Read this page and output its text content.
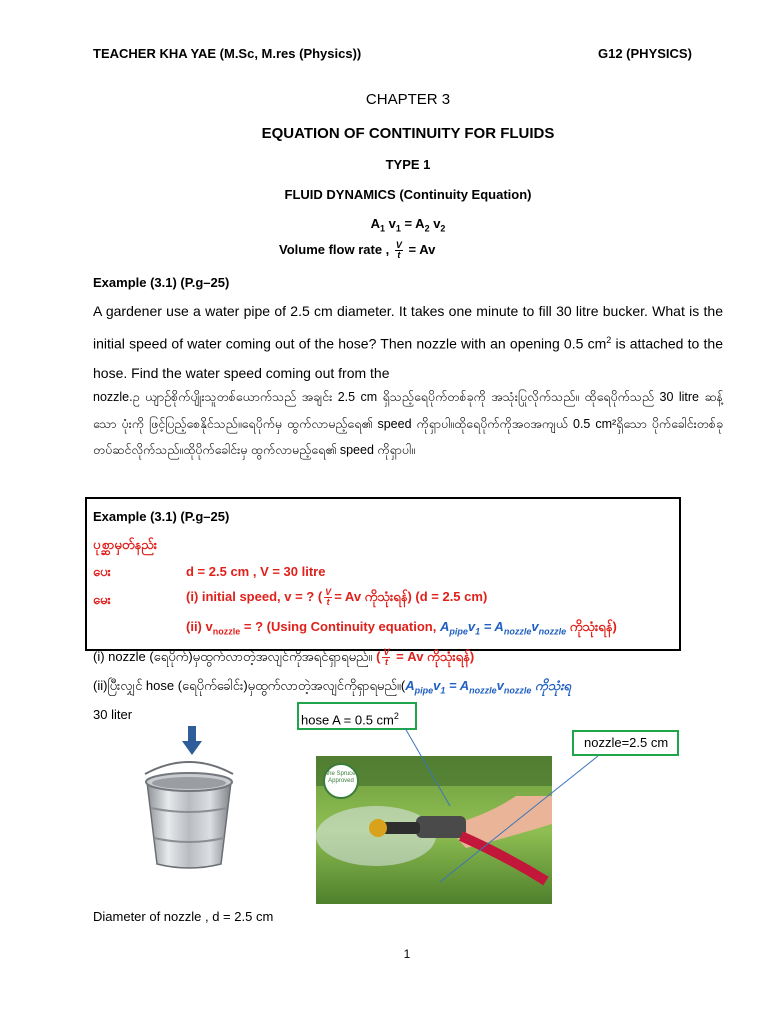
TEACHER KHA YAE (M.Sc, M.res (Physics))	G12 (PHYSICS)
CHAPTER 3
EQUATION OF CONTINUITY FOR FLUIDS
TYPE 1
FLUID DYNAMICS (Continuity Equation)
$A_1$ $v_1 = A_2$ $v_2$
Volume flow rate , $\frac{V}{t} = Av$
Example (3.1) (P.g–25)
A gardener use a water pipe of 2.5 cm diameter. It takes one minute to fill 30 litre bucker. What is the initial speed of water coming out of the hose? Then nozzle with an opening 0.5 $cm^2$ is attached to the hose. Find the water speed coming out from the
nozzle.ဥ ယျာဉ်စိုက်ပျိုးသူတစ်ယောက်သည် အချင်း 2.5 cm ရှိသည့်ရေပိုက်တစ်ခုကို အသုံးပြုလိုက်သည်။ ထိုရေပိုက်သည် 30 litre ဆန့်သော ပုံးကို ဖြင့်ပြည့်စေနိုင်သည်။ရေပိုက်မှ ထွက်လာမည့်ရေ၏ speed ကိုရှာပါ။ထိုရေပိုက်ကိုအဝအကျယ် 0.5 cm²ရှိသော ပိုက်ခေါင်းတစ်ခုတပ်ဆင်လိုက်သည်။ထိုပိုက်ခေါင်းမှ ထွက်လာမည့်ရေ၏ speed ကိုရှာပါ။
Example (3.1) (P.g–25)
ပုစ္ဆာမှတ်နည်း
ပေး	d = 2.5 cm , V = 30 litre
မေး	(i) initial speed, v = ? ( $\frac{V}{t} = Av$ ကိုသုံးရန်) (d = 2.5 cm)
(ii) $v_{nozzle}$ = ? (Using Continuity equation, $A_{pipe}v_1 = A_{nozzle}v_{nozzle}$ ကိုသုံးရန်)
(i) nozzle (ရေပိုက်)မှထွက်လာတဲ့အလျင်ကိုအရင်ရှာရမည်။ ( $\frac{V}{t} = Av$ ကိုသုံးရန်)
(ii)ပြီးလျှင် hose (ရေပိုက်ခေါင်း)မှထွက်လာတဲ့အလျင်ကိုရှာရမည်။($A_{pipe}v_1 = A_{nozzle}v_{nozzle}$ ကိုသုံးရ
30 liter	hose A = 0.5 $cm^2$
nozzle=2.5 cm
the Spruce Approved
Diameter of nozzle , d = 2.5 cm
1
